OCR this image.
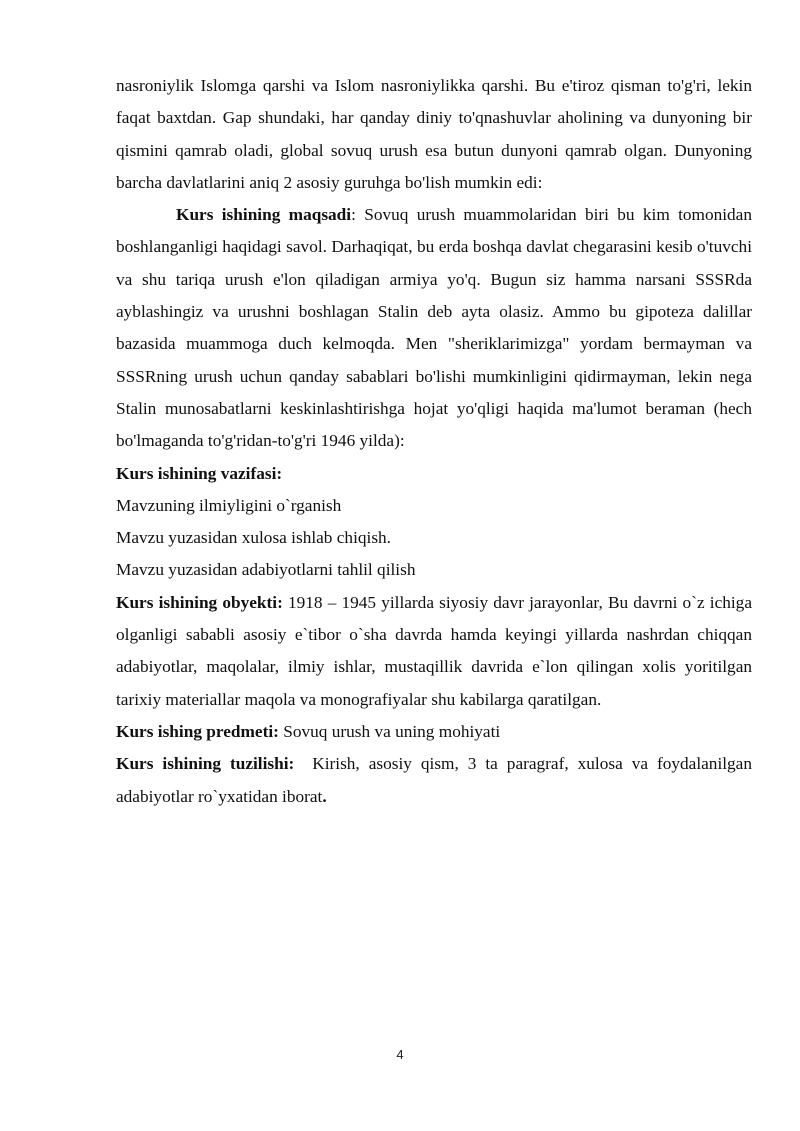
nasroniylik Islomga qarshi va Islom nasroniylikka qarshi. Bu e'tiroz qisman to'g'ri, lekin faqat baxtdan. Gap shundaki, har qanday diniy to'qnashuvlar aholining va dunyoning bir qismini qamrab oladi, global sovuq urush esa butun dunyoni qamrab olgan. Dunyoning barcha davlatlarini aniq 2 asosiy guruhga bo'lish mumkin edi:

Kurs ishining maqsadi: Sovuq urush muammolaridan biri bu kim tomonidan boshlanganligi haqidagi savol. Darhaqiqat, bu erda boshqa davlat chegarasini kesib o'tuvchi va shu tariqa urush e'lon qiladigan armiya yo'q. Bugun siz hamma narsani SSSRda ayblashingiz va urushni boshlagan Stalin deb ayta olasiz. Ammo bu gipoteza dalillar bazasida muammoga duch kelmoqda. Men "sheriklarimizga" yordam bermayman va SSSRning urush uchun qanday sabablari bo'lishi mumkinligini qidirmayman, lekin nega Stalin munosabatlarni keskinlashtirishga hojat yo'qligi haqida ma'lumot beraman (hech bo'lmaganda to'g'ridan-to'g'ri 1946 yilda):

Kurs ishining vazifasi:

Mavzuning ilmiyligini o`rganish

Mavzu yuzasidan xulosa ishlab chiqish.

Mavzu yuzasidan adabiyotlarni tahlil qilish

Kurs ishining obyekti: 1918 – 1945 yillarda siyosiy davr jarayonlar, Bu davrni o`z ichiga olganligi sababli asosiy e`tibor o`sha davrda hamda keyingi yillarda nashrdan chiqqan adabiyotlar, maqolalar, ilmiy ishlar, mustaqillik davrida e`lon qilingan xolis yoritilgan tarixiy materiallar maqola va monografiyalar shu kabilarga qaratilgan.

Kurs ishing predmeti: Sovuq urush va uning mohiyati

Kurs ishining tuzilishi:  Kirish, asosiy qism, 3 ta paragraf, xulosa va foydalanilgan adabiyotlar ro`yxatidan iborat.

4
